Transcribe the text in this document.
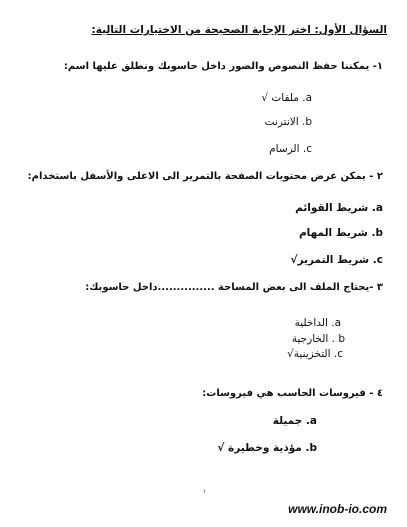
السؤال الأول: اختر الإجابة الصحيحة من الاختيارات التالية:
١- يمكننا حفظ النصوص والصور داخل حاسوبك ونطلق عليها اسم:
a. ملفات √
b. الانترنت
c. الرسام
٢ - يمكن عرض محتويات الصفحة بالتمرير الى الاعلى والأسفل باستخدام:
a. شريط القوائم
b. شريط المهام
c. شريط التمرير√
٣ -يحتاج الملف الى بعض المساحة ...............داخل حاسوبك:
a. الداخلية
b . الخارجية
c. التخزينية√
٤ - فيروسات الحاسب هي فيروسات:
a. جميلة
b. مؤذية وخطيرة √
١
www.inob-io.com
